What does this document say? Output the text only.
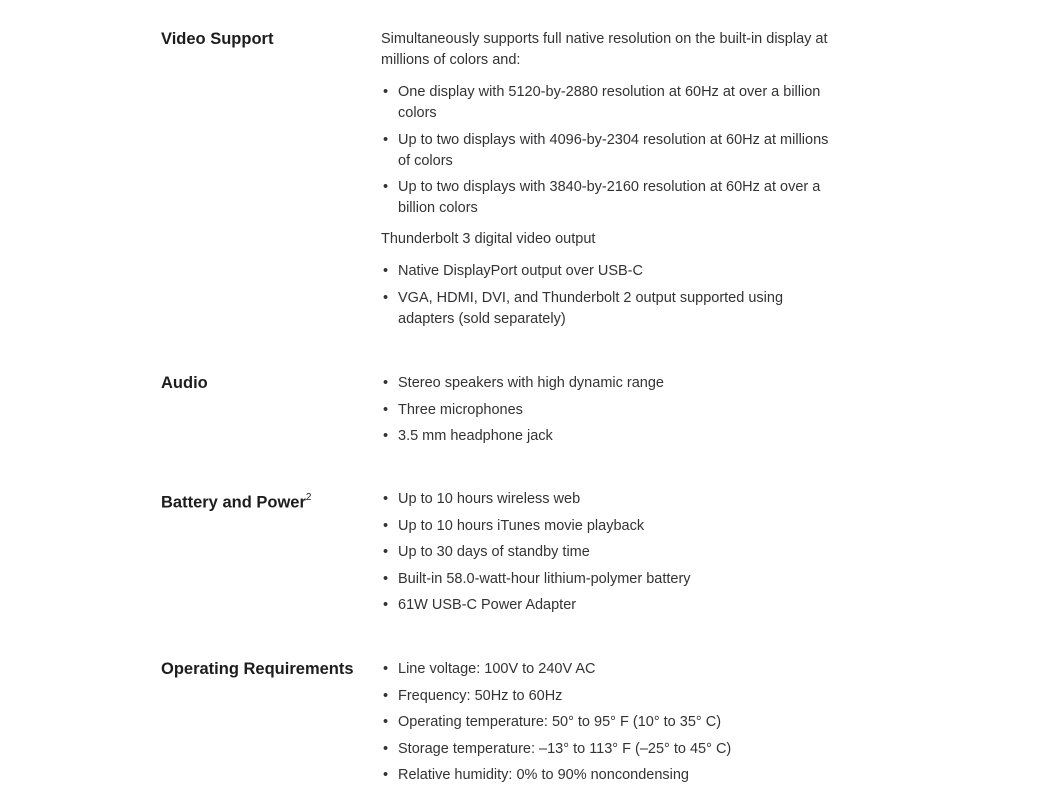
Video Support	Simultaneously supports full native resolution on the built-in display at millions of colors and:

• One display with 5120-by-2880 resolution at 60Hz at over a billion colors
• Up to two displays with 4096-by-2304 resolution at 60Hz at millions of colors
• Up to two displays with 3840-by-2160 resolution at 60Hz at over a billion colors

Thunderbolt 3 digital video output

• Native DisplayPort output over USB-C
• VGA, HDMI, DVI, and Thunderbolt 2 output supported using adapters (sold separately)
Audio	• Stereo speakers with high dynamic range
• Three microphones
• 3.5 mm headphone jack
Battery and Power$^2$	• Up to 10 hours wireless web
• Up to 10 hours iTunes movie playback
• Up to 30 days of standby time
• Built-in 58.0-watt-hour lithium-polymer battery
• 61W USB-C Power Adapter
Operating Requirements • Line voltage: 100V to 240V AC
• Frequency: 50Hz to 60Hz
• Operating temperature: 50° to 95° F (10° to 35° C)
• Storage temperature: –13° to 113° F (–25° to 45° C)
• Relative humidity: 0% to 90% noncondensing
